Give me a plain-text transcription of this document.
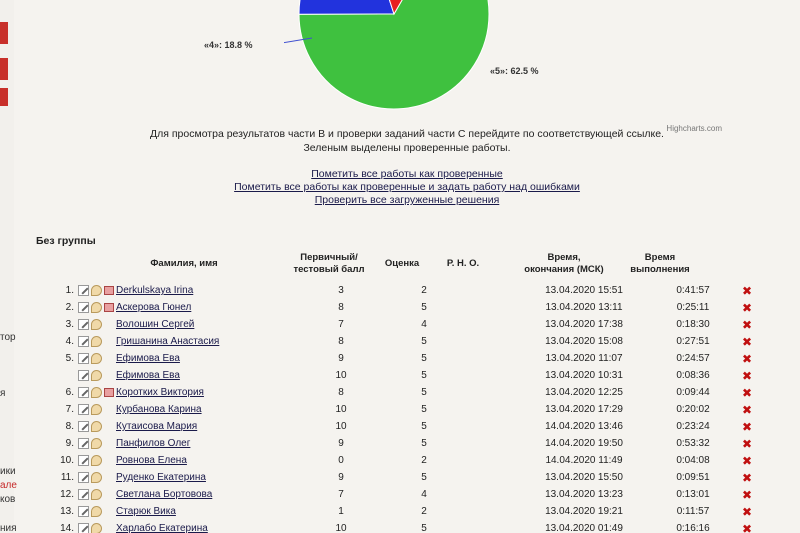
«4»: 18.8 %
«5»: 62.5 %
Highcharts.com
Для просмотра результатов части В и проверки заданий части С перейдите по соответствующей ссылке.
Зеленым выделены проверенные работы.
Пометить все работы как проверенные
Пометить все работы как проверенные и задать работу над ошибками
Проверить все загруженные решения
Без группы
Фамилия, имя
Первичный/
тестовый балл
Оценка	Р. Н. О.
Время,
окончания (МСК)
Время
выполнения
1.		Derkulskaya Irina	3	2		13.04.2020 15:51	0:41:57	✖
2.		Аскерова Гюнел	8	5		13.04.2020 13:11	0:25:11	✖
3.		Волошин Сергей	7	4		13.04.2020 17:38	0:18:30	✖
4.		Гришанина Анастасия	8	5		13.04.2020 15:08	0:27:51	✖
5.		Ефимова Ева	9	5		13.04.2020 11:07	0:24:57	✖
		Ефимова Ева	10	5		13.04.2020 10:31	0:08:36	✖
6.		Коротких Виктория	8	5		13.04.2020 12:25	0:09:44	✖
7.		Курбанова Карина	10	5		13.04.2020 17:29	0:20:02	✖
8.		Кутаисова Мария	10	5		14.04.2020 13:46	0:23:24	✖
9.		Панфилов Олег	9	5		14.04.2020 19:50	0:53:32	✖
10.		Ровнова Елена	0	2		14.04.2020 11:49	0:04:08	✖
11.		Руденко Екатерина	9	5		13.04.2020 15:50	0:09:51	✖
12.		Светлана Бортовова	7	4		13.04.2020 13:23	0:13:01	✖
13.		Старюк Вика	1	2		13.04.2020 19:21	0:11:57	✖
14.		Харлабо Екатерина	10	5		13.04.2020 01:49	0:16:16	✖
тор
я
ики
але
ков
ния
